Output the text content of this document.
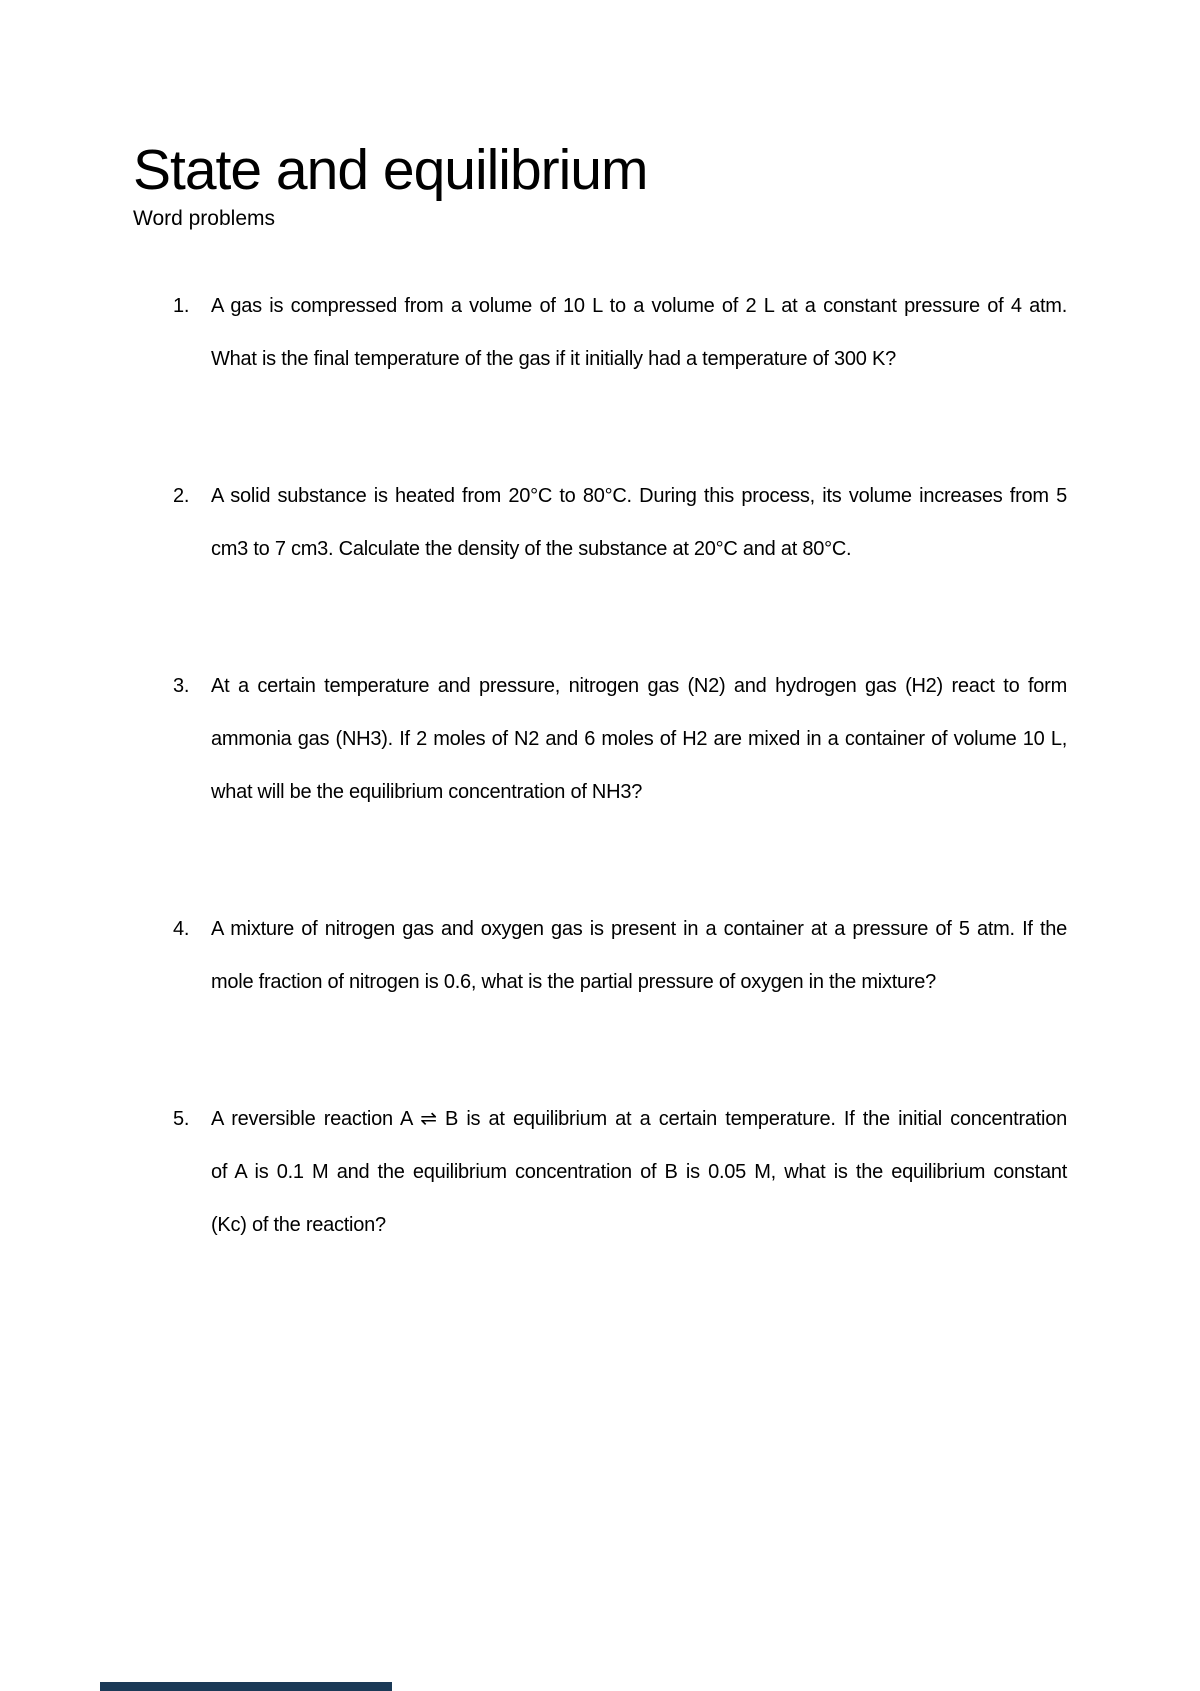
State and equilibrium
Word problems
1.	A gas is compressed from a volume of 10 L to a volume of 2 L at a constant pressure of 4 atm.
What is the final temperature of the gas if it initially had a temperature of 300 K?
2.	A solid substance is heated from 20°C to 80°C. During this process, its volume increases from 5
cm3 to 7 cm3. Calculate the density of the substance at 20°C and at 80°C.
3.	At a certain temperature and pressure, nitrogen gas (N2) and hydrogen gas (H2) react to form
ammonia gas (NH3). If 2 moles of N2 and 6 moles of H2 are mixed in a container of volume 10 L,
what will be the equilibrium concentration of NH3?
4.	A mixture of nitrogen gas and oxygen gas is present in a container at a pressure of 5 atm. If the
mole fraction of nitrogen is 0.6, what is the partial pressure of oxygen in the mixture?
5.	A reversible reaction A ⇌ B is at equilibrium at a certain temperature. If the initial concentration
of A is 0.1 M and the equilibrium concentration of B is 0.05 M, what is the equilibrium constant
(Kc) of the reaction?
